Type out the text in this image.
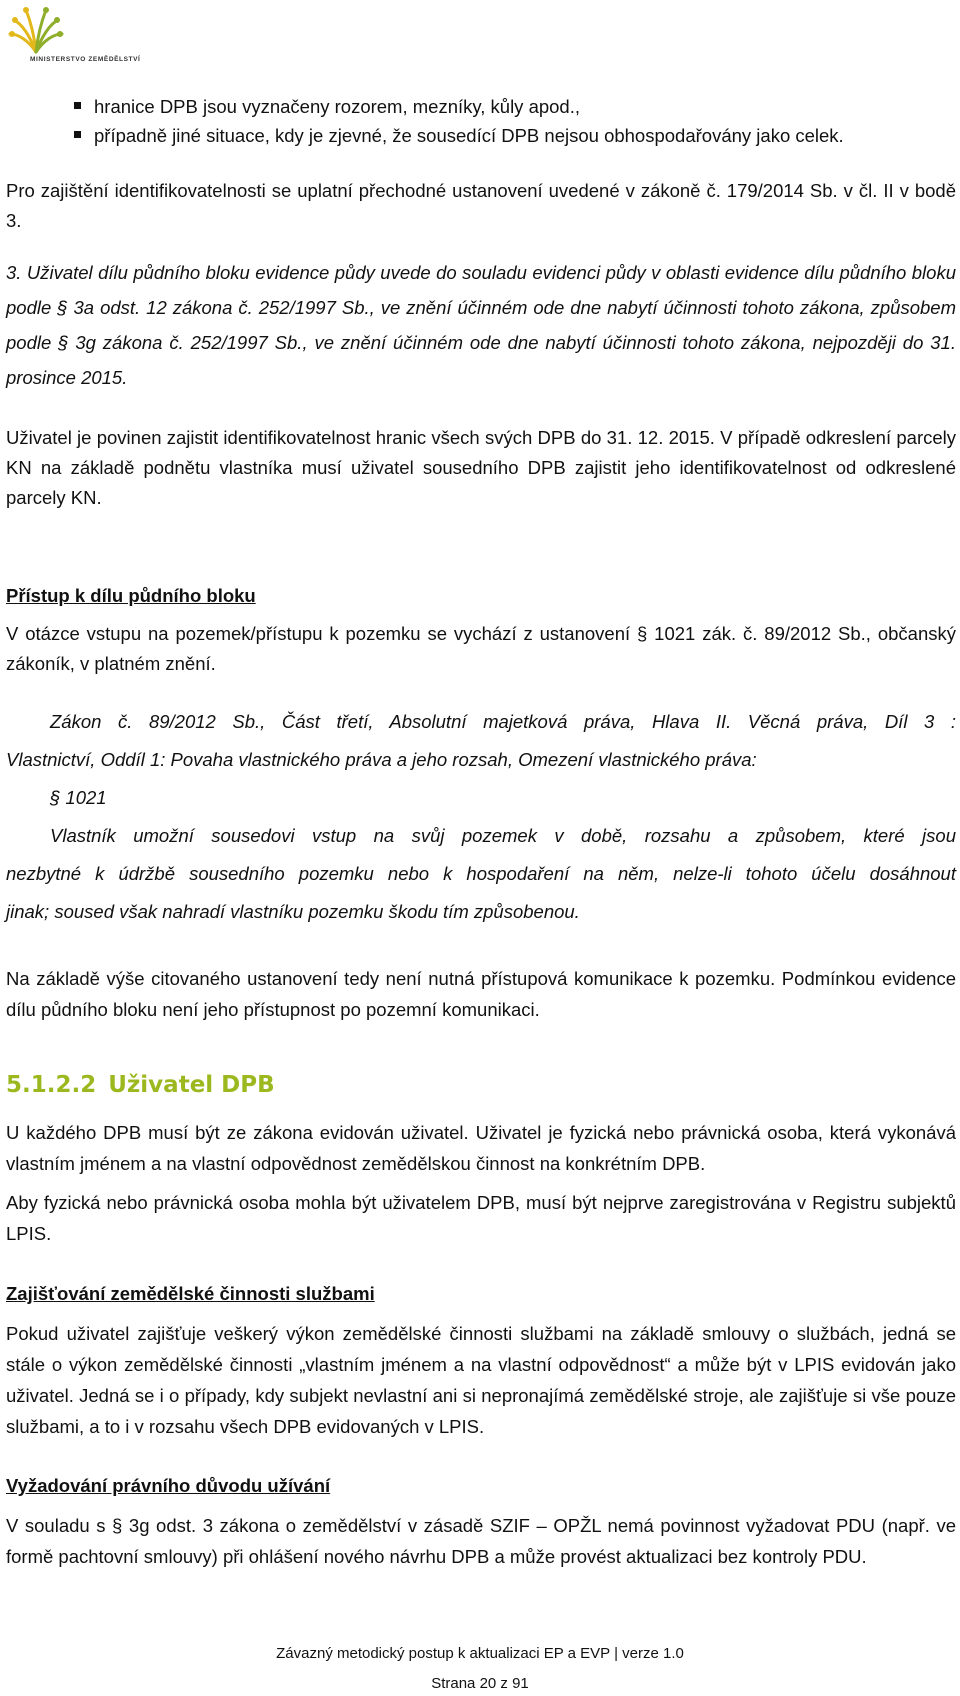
MINISTERSTVO ZEMĚDĚLSTVÍ
hranice DPB jsou vyznačeny rozorem, mezníky, kůly apod.,
případně jiné situace, kdy je zjevné, že sousedící DPB nejsou obhospodařovány jako celek.
Pro zajištění identifikovatelnosti se uplatní přechodné ustanovení uvedené v zákoně č. 179/2014 Sb. v čl. II v bodě 3.
3. Uživatel dílu půdního bloku evidence půdy uvede do souladu evidenci půdy v oblasti evidence dílu půdního bloku podle § 3a odst. 12 zákona č. 252/1997 Sb., ve znění účinném ode dne nabytí účinnosti tohoto zákona, způsobem podle § 3g zákona č. 252/1997 Sb., ve znění účinném ode dne nabytí účinnosti tohoto zákona, nejpozději do 31. prosince 2015.
Uživatel je povinen zajistit identifikovatelnost hranic všech svých DPB do 31. 12. 2015. V případě odkreslení parcely KN na základě podnětu vlastníka musí uživatel sousedního DPB zajistit jeho identifikovatelnost od odkreslené parcely KN.
Přístup k dílu půdního bloku
V otázce vstupu na pozemek/přístupu k pozemku se vychází z ustanovení § 1021 zák. č. 89/2012 Sb., občanský zákoník, v platném znění.
Zákon č. 89/2012 Sb., Část třetí, Absolutní majetková práva, Hlava II. Věcná práva, Díl 3 :
Vlastnictví, Oddíl 1: Povaha vlastnického práva a jeho rozsah, Omezení vlastnického práva:
§ 1021
Vlastník umožní sousedovi vstup na svůj pozemek v době, rozsahu a způsobem, které jsou
nezbytné k údržbě sousedního pozemku nebo k hospodaření na něm, nelze-li tohoto účelu dosáhnout
jinak; soused však nahradí vlastníku pozemku škodu tím způsobenou.
Na základě výše citovaného ustanovení tedy není nutná přístupová komunikace k pozemku. Podmínkou evidence dílu půdního bloku není jeho přístupnost po pozemní komunikaci.
5.1.2.2 Uživatel DPB
U každého DPB musí být ze zákona evidován uživatel. Uživatel je fyzická nebo právnická osoba, která vykonává vlastním jménem a na vlastní odpovědnost zemědělskou činnost na konkrétním DPB.
Aby fyzická nebo právnická osoba mohla být uživatelem DPB, musí být nejprve zaregistrována v Registru subjektů LPIS.
Zajišťování zemědělské činnosti službami
Pokud uživatel zajišťuje veškerý výkon zemědělské činnosti službami na základě smlouvy o službách, jedná se stále o výkon zemědělské činnosti „vlastním jménem a na vlastní odpovědnost“ a může být v LPIS evidován jako uživatel. Jedná se i o případy, kdy subjekt nevlastní ani si nepronajímá zemědělské stroje, ale zajišťuje si vše pouze službami, a to i v rozsahu všech DPB evidovaných v LPIS.
Vyžadování právního důvodu užívání
V souladu s § 3g odst. 3 zákona o zemědělství v zásadě SZIF – OPŽL nemá povinnost vyžadovat PDU (např. ve formě pachtovní smlouvy) při ohlášení nového návrhu DPB a může provést aktualizaci bez kontroly PDU.
Závazný metodický postup k aktualizaci EP a EVP | verze 1.0
Strana 20 z 91
